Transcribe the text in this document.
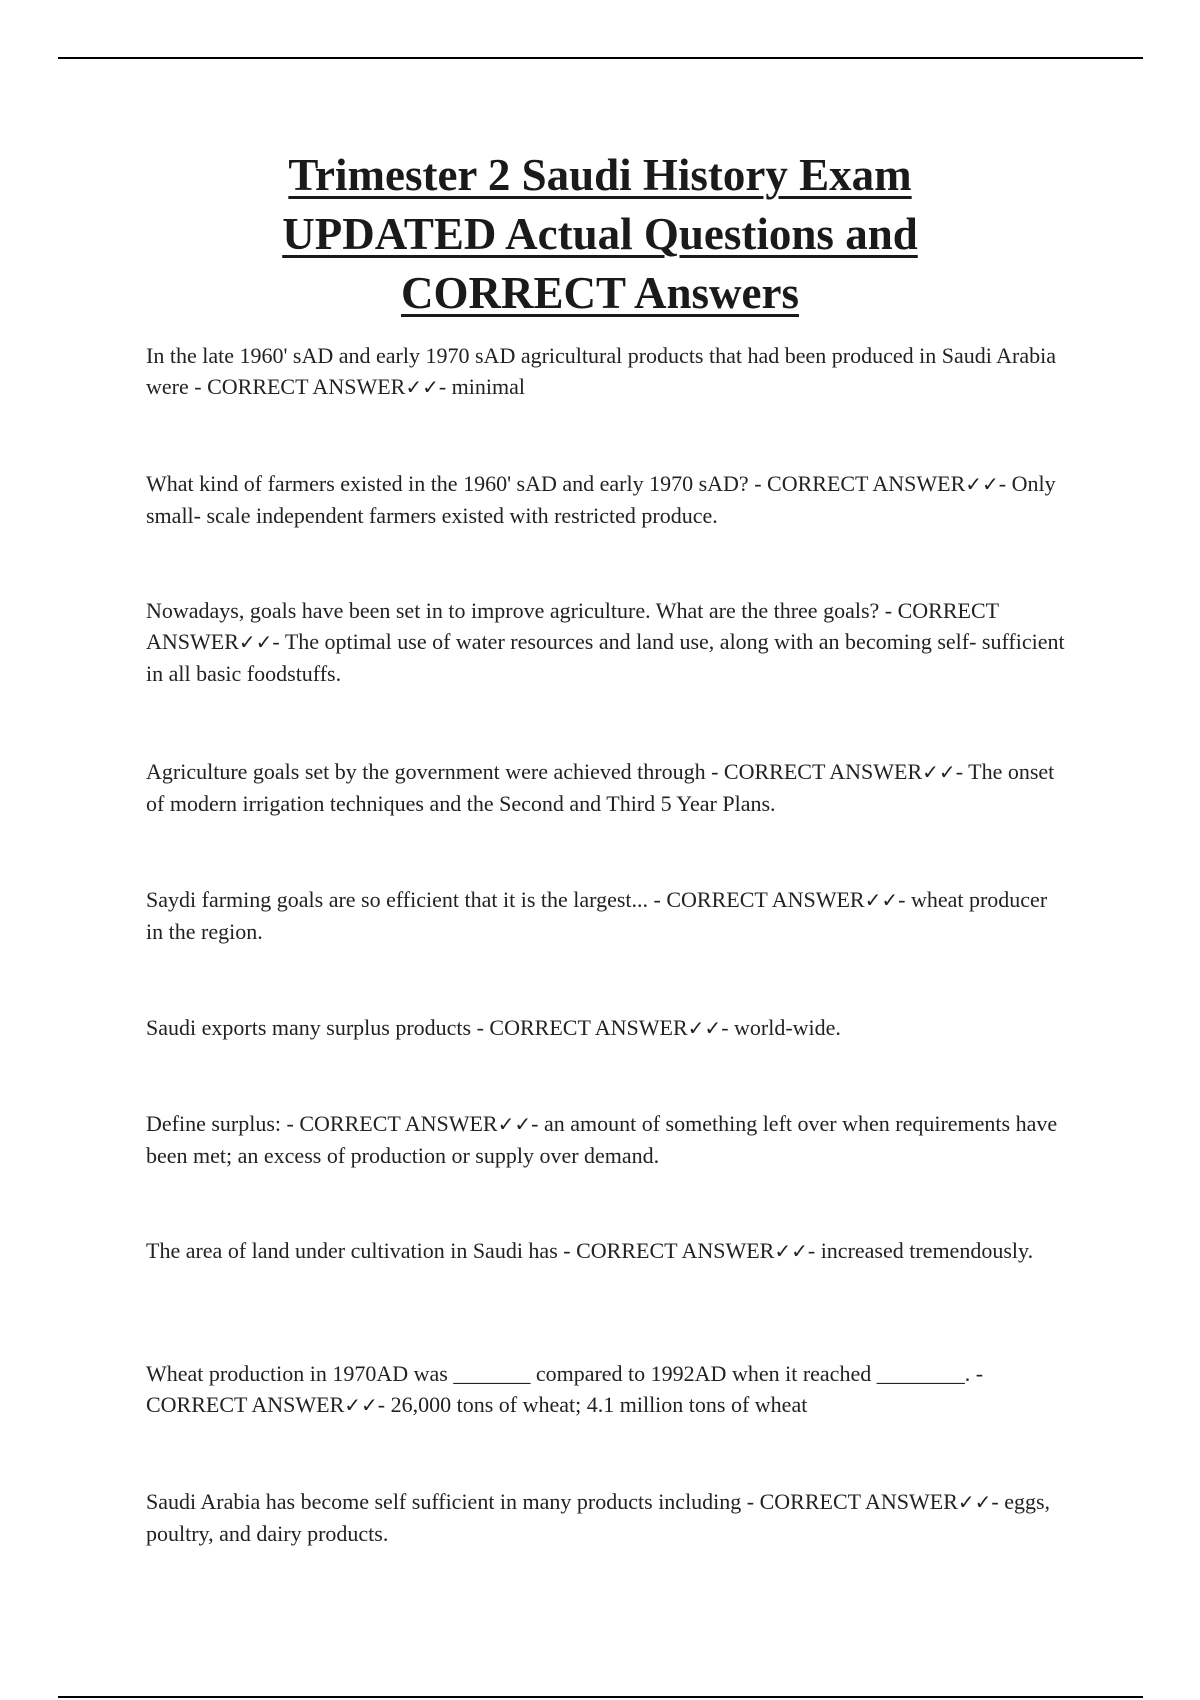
Trimester 2 Saudi History Exam
UPDATED Actual Questions and
CORRECT Answers
In the late 1960' sAD and early 1970 sAD agricultural products that had been produced in Saudi Arabia were - CORRECT ANSWER✓✓- minimal
What kind of farmers existed in the 1960' sAD and early 1970 sAD? - CORRECT ANSWER✓✓- Only small- scale independent farmers existed with restricted produce.
Nowadays, goals have been set in to improve agriculture. What are the three goals? - CORRECT ANSWER✓✓- The optimal use of water resources and land use, along with an becoming self- sufficient in all basic foodstuffs.
Agriculture goals set by the government were achieved through - CORRECT ANSWER✓✓- The onset of modern irrigation techniques and the Second and Third 5 Year Plans.
Saydi farming goals are so efficient that it is the largest... - CORRECT ANSWER✓✓- wheat producer in the region.
Saudi exports many surplus products - CORRECT ANSWER✓✓- world-wide.
Define surplus: - CORRECT ANSWER✓✓- an amount of something left over when requirements have been met; an excess of production or supply over demand.
The area of land under cultivation in Saudi has - CORRECT ANSWER✓✓- increased tremendously.
Wheat production in 1970AD was _______ compared to 1992AD when it reached ________. - CORRECT ANSWER✓✓- 26,000 tons of wheat; 4.1 million tons of wheat
Saudi Arabia has become self sufficient in many products including - CORRECT ANSWER✓✓- eggs, poultry, and dairy products.
